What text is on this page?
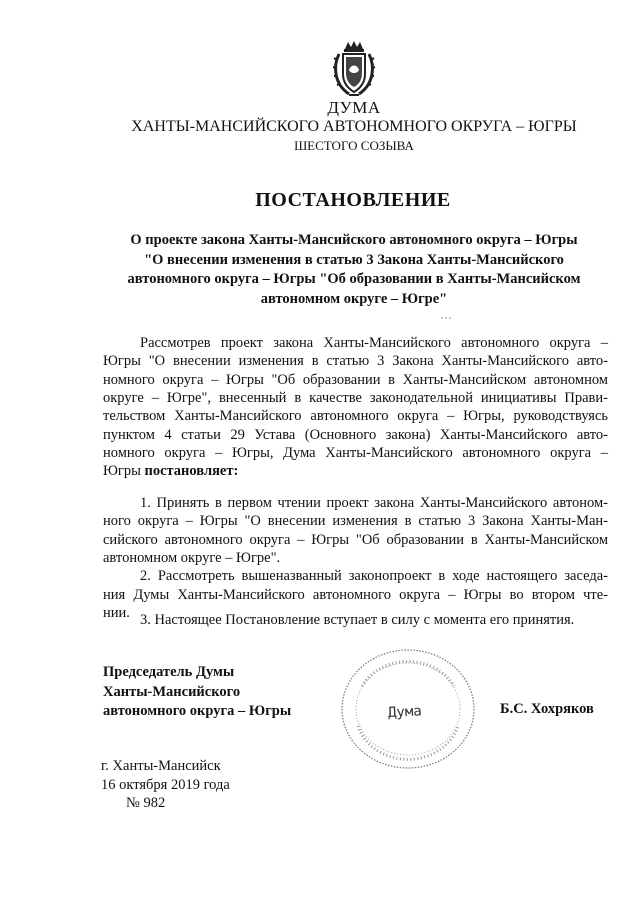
ДУМА
ХАНТЫ-МАНСИЙСКОГО АВТОНОМНОГО ОКРУГА – ЮГРЫ
ШЕСТОГО СОЗЫВА
ПОСТАНОВЛЕНИЕ
О проекте закона Ханты-Мансийского автономного округа – Югры
"О внесении изменения в статью 3 Закона Ханты-Мансийского
автономного округа – Югры "Об образовании в Ханты-Мансийском
автономном округе – Югре"
Рассмотрев проект закона Ханты-Мансийского автономного округа –
Югры "О внесении изменения в статью 3 Закона Ханты-Мансийского авто-
номного округа – Югры "Об образовании в Ханты-Мансийском автономном
округе – Югре", внесенный в качестве законодательной инициативы Прави-
тельством Ханты-Мансийского автономного округа – Югры, руководствуясь
пунктом 4 статьи 29 Устава (Основного закона) Ханты-Мансийского авто-
номного округа – Югры, Дума Ханты-Мансийского автономного округа –
Югры постановляет:
1. Принять в первом чтении проект закона Ханты-Мансийского автоном-
ного округа – Югры "О внесении изменения в статью 3 Закона Ханты-Ман-
сийского автономного округа – Югры "Об образовании в Ханты-Мансийском
автономном округе – Югре".
2. Рассмотреть вышеназванный законопроект в ходе настоящего заседа-
ния Думы Ханты-Мансийского автономного округа – Югры во втором чте-
нии. 3. Настоящее Постановление вступает в силу с момента его принятия.
Председатель Думы
Ханты-Мансийского
автономного округа – Югры	Б.С. Хохряков
Дума
г. Ханты-Мансийск
16 октября 2019 года
№ 982
